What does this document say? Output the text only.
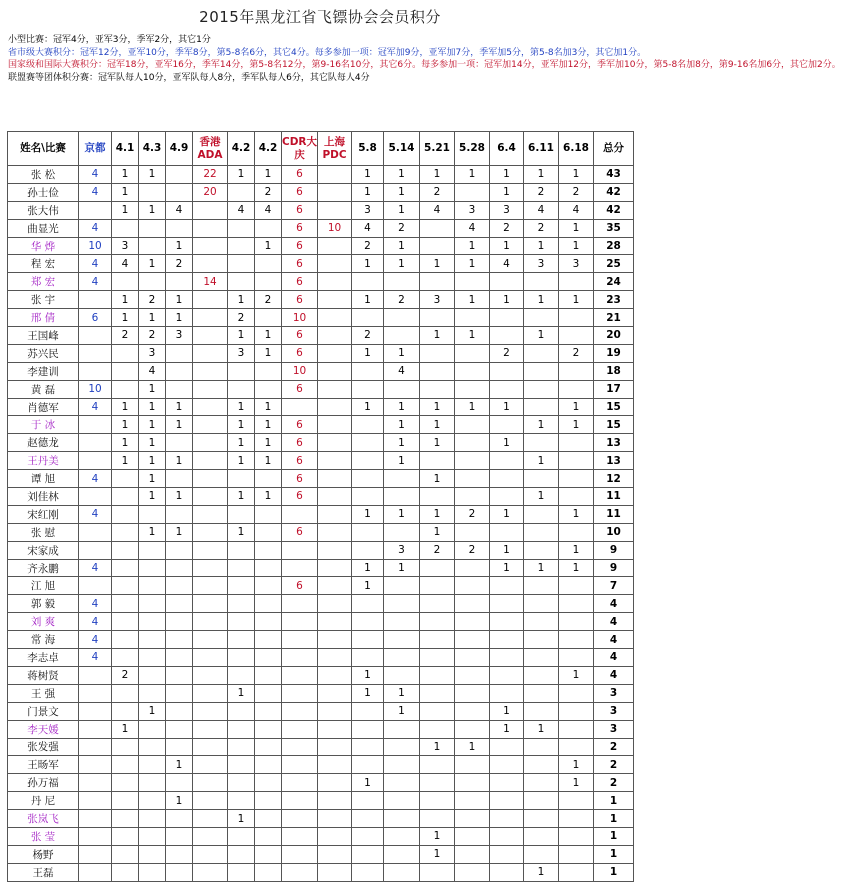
2015年黑龙江省飞镖协会会员积分
小型比赛：冠军4分，亚军3分，季军2分，其它1分
省市级大赛积分：冠军12分，亚军10分，季军8分，第5-8名6分，其它4分。每多参加一项：冠军加9分，亚军加7分，季军加5分，第5-8名加3分，其它加1分。
国家级和国际大赛积分：冠军18分，亚军16分，季军14分，第5-8名12分，第9-16名10分，其它6分。每多参加一项：冠军加14分，亚军加12分，季军加10分，第5-8名加8分，第9-16名加6分，其它加2分。
联盟赛等团体积分赛：冠军队每人10分，亚军队每人8分，季军队每人6分，其它队每人4分
姓名\比赛	京都	4.1	4.3	4.9	香港ADA	4.2	4.2	CDR大庆	上海PDC	5.8	5.14	5.21	5.28	6.4	6.11	6.18	总分
张 松	4	1	1		22	1	1	6		1	1	1	1	1	1	1	43
孙士俭	4	1			20		2	6		1	1	2		1	2	2	42
张大伟		1	1	4		4	4	6		3	1	4	3	3	4	4	42
曲显光	4							6	10	4	2		4	2	2	1	35
华 烨	10	3		1			1	6		2	1		1	1	1	1	28
程 宏	4	4	1	2				6		1	1	1	1	4	3	3	25
郑 宏	4				14			6									24
张 宇		1	2	1		1	2	6		1	2	3	1	1	1	1	23
邢 倩	6	1	1	1		2		10									21
王国峰		2	2	3		1	1	6		2		1	1		1		20
苏兴民			3			3	1	6		1	1			2		2	19
李建训			4					10			4						18
黄 磊	10		1					6									17
肖德军	4	1	1	1		1	1			1	1	1	1	1		1	15
于 冰		1	1	1		1	1	6			1	1			1	1	15
赵德龙		1	1			1	1	6			1	1		1			13
王丹美		1	1	1		1	1	6			1				1		13
谭 旭	4		1					6				1					12
刘佳林			1	1		1	1	6							1		11
宋红刚	4									1	1	1	2	1		1	11
张 慰			1	1		1		6				1					10
宋家成											3	2	2	1		1	9
齐永鹏	4									1	1			1	1	1	9
江 旭								6		1							7
郭 毅	4																4
刘 爽	4																4
常 海	4																4
李志卓	4																4
蒋树贤		2								1						1	4
王 强						1				1	1						3
门景文			1								1			1			3
李天媛		1												1	1		3
张发强												1	1				2
王旸军				1												1	2
孙万福										1						1	2
丹 尼				1													1
张岚飞						1											1
张 莹												1					1
杨野												1					1
王磊															1		1
